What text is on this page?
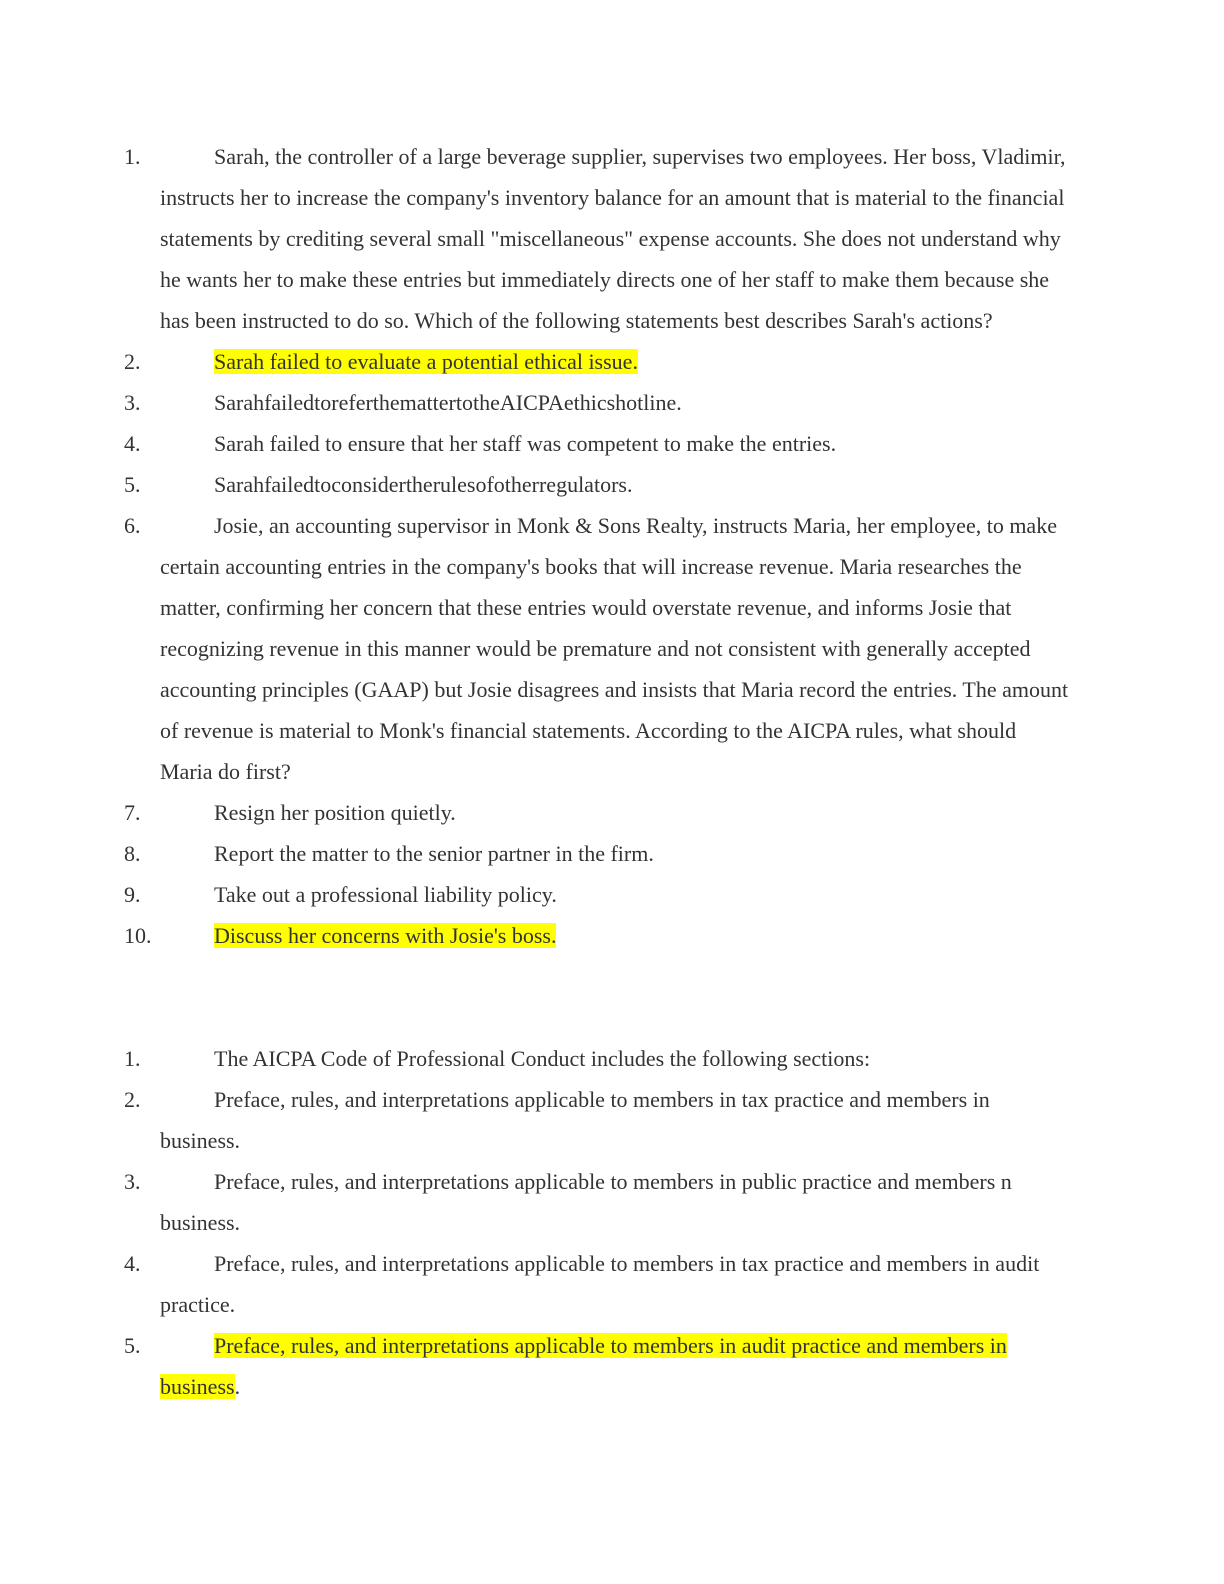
1.	Sarah, the controller of a large beverage supplier, supervises two employees. Her boss, Vladimir, instructs her to increase the company's inventory balance for an amount that is material to the financial statements by crediting several small "miscellaneous" expense accounts. She does not understand why he wants her to make these entries but immediately directs one of her staff to make them because she has been instructed to do so. Which of the following statements best describes Sarah's actions?

2.	Sarah failed to evaluate a potential ethical issue.

3.	SarahfailedtoreferthemattertotheAICPAethicshotline.

4.	Sarah failed to ensure that her staff was competent to make the entries.

5.	Sarahfailedtoconsidertherulesofotherregulators.

6.	Josie, an accounting supervisor in Monk & Sons Realty, instructs Maria, her employee, to make certain accounting entries in the company's books that will increase revenue. Maria researches the matter, confirming her concern that these entries would overstate revenue, and informs Josie that recognizing revenue in this manner would be premature and not consistent with generally accepted accounting principles (GAAP) but Josie disagrees and insists that Maria record the entries. The amount of revenue is material to Monk's financial statements. According to the AICPA rules, what should Maria do first?

7.	Resign her position quietly.

8.	Report the matter to the senior partner in the firm.

9.	Take out a professional liability policy.

10.	Discuss her concerns with Josie's boss.

1.	The AICPA Code of Professional Conduct includes the following sections:

2.	Preface, rules, and interpretations applicable to members in tax practice and members in business.

3.	Preface, rules, and interpretations applicable to members in public practice and members n business.

4.	Preface, rules, and interpretations applicable to members in tax practice and members in audit practice.

5.	Preface, rules, and interpretations applicable to members in audit practice and members in business.
